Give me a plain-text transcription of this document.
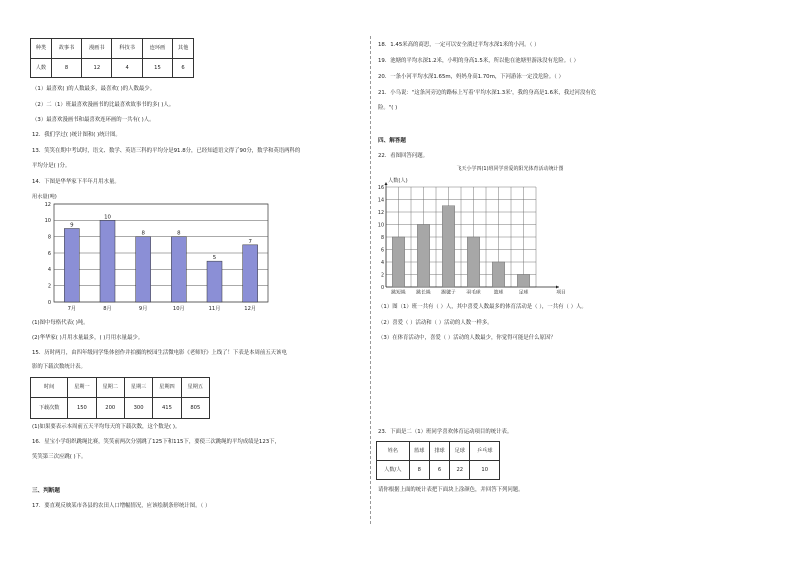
种类	故事书	漫画书	科技书	连环画	其他
人数	8	12	4	15	6
（1）最喜欢( )的人数最多，最喜欢( )的人数最少。
（2）二（1）班最喜欢漫画书的比最喜欢故事书的多( )人。
（3）最喜欢漫画书和最喜欢连环画的一共有( )人。
12．我们学过( )统计图和( )统计图。
13．笑笑在期中考试时，语文、数学、英语三科的平均分是91.8分，已经知道语文得了90分，数学和英语两科的
平均分是( )分。
14．下图是华华家下半年月用水量。
用水量(吨)
0
2
4
6
8
10
12
9
7月
10
8月
8
9月
8
10月
5
11月
7
12月
(1)图中每格代表( )吨。
(2)华华家( )月用水量最多，( )月用水量最少。
15．历时两月，由四年级同学集体创作并拍摄的校园生活微电影《老师好》上线了！下表是本周前五天该电
影的下载次数统计表。
时间	星期一	星期二	星期三	星期四	星期五
下载次数	150	200	300	415	805
(1)如果要表示本周前五天平均每天的下载次数，这个数是( )。
16．星宝小学组织跳绳比赛，笑笑前两次分别跳了125下和115下，要使三次跳绳的平均成绩是123下，
笑笑第三次应跳( )下。
三、判断题
17．要直观反映某市各县的农田人口增幅情况，应该绘制条形统计图。（ ）
18．1.45米高的商思，一定可以安全淌过平均水深1米的小河。（ ）
19．池塘的平均水深1.2米，小明的身高1.5米，所以他在池塘里游泳没有危险。（ ）
20．一条小河平均水深1.65m，妈妈身高1.70m，下河游泳一定没危险。（ ）
21．小乌说："这条河旁边的路标上写着'平均水深1.3米'，我的身高是1.6米，我过河没有危
险。"( )
四、解答题
22．看图回答问题。
飞天小学四(1)班同学喜爱的阳光体育活动统计图
人数(人)
0
2
4
6
8
10
12
14
16
跳短绳 跳长绳 踢毽子 羽毛球	篮球	足球	项目
（1）图（1）班一共有（ ）人，其中喜爱人数最多的体育活动是（ ），一共有（ ）人。
（2）喜爱（ ）活动和（ ）活动的人数一样多。
（3）在体育活动中，喜爱（ ）活动的人数最少，你觉得可能是什么原因？
23．下面是二（1）班同学喜欢体育运动项目的统计表。
姓名	篮球	排球	足球	乒乓球
人数/人	8	6	22	10
请你根据上面的统计表把下面块上涂颜色，并回答下列问题。
